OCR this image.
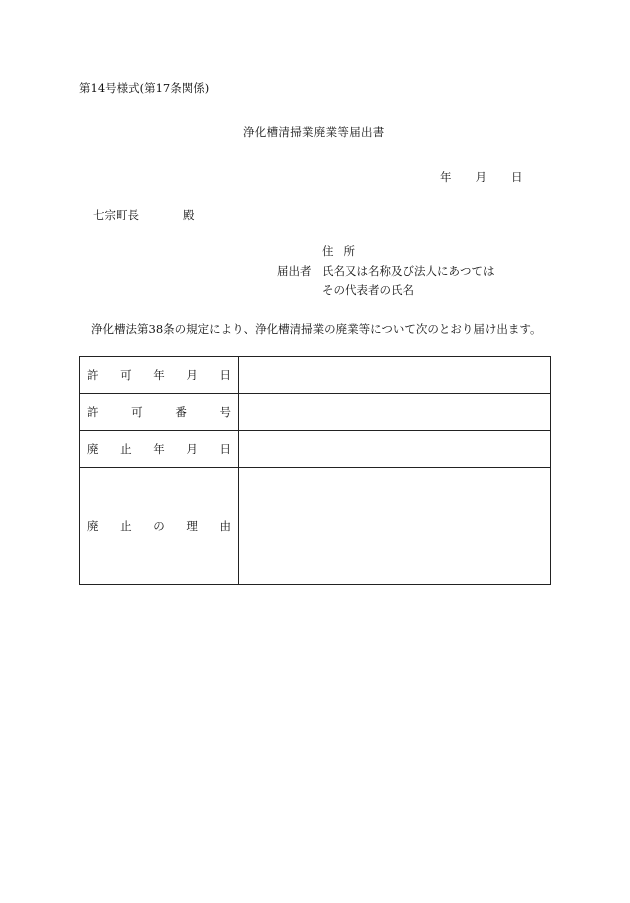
第14号様式(第17条関係)
浄化槽清掃業廃業等届出書
年 月 日
七宗町長	殿
住所
届出者 氏名又は名称及び法人にあつては
その代表者の氏名
浄化槽法第38条の規定により、浄化槽清掃業の廃業等について次のとおり届け出ます。
許 可 年 月 日	

許 可 番 号	

廃 止 年 月 日	

廃 止 の 理 由	
